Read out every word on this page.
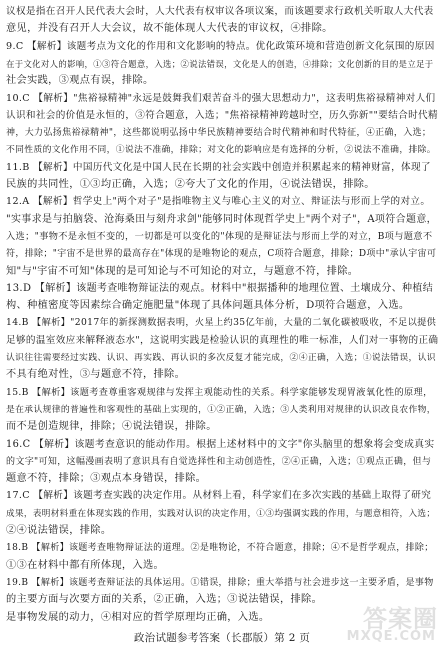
议权是指在召开人民代表大会时，人大代表有权审议各项议案，而该题要求行政机关听取人大代表
意见，并没有召开人大会议，故不能体现人大代表的审议权，④排除。
9.C 【解析】该题考点为文化的作用和文化影响的特点。优化政策环境和营造创新文化氛围的原因
在于文化对人的影响，①③符合题意，入选；②说法错误，文化是人的创造，④排除；文化创新的目的是立足于
社会实践，③观点有误，排除。
10.C 【解析】"焦裕禄精神"永远是鼓舞我们艰苦奋斗的强大思想动力"，这表明焦裕禄精神对人们
认识和社会的价值是永恒的，③符合题意，入选；"焦裕禄精神跨越时空，历久弥新""要结合时代精
神，大力弘扬焦裕禄精神"，这些都说明弘扬中华民族精神要结合时代精神和时代特征，④正确，入选；
不同性质的文化作用不同，①说法不准确，排除；对文化的影响应是有选择的分析，②说法不准确，排除。
11.B 【解析】中国历代文化是中国人民在长期的社会实践中创造并积累起来的精神财富，体现了
民族的共同性，①③均正确，入选；②夸大了文化的作用，④说法错误，排除。
12.A 【解析】哲学史上"两个对子"是指唯物主义与唯心主义的对立、辩证法与形而上学的对立。
"实事求是与拍脑袋、沧海桑田与刻舟求剑"能够同时体现哲学史上"两个对子"，A项符合题意，
入选；"事物不是永恒不变的，一切都是可以变化的"体现的是辩证法与形而上学的对立，B项与题意不
符，排除；"宇宙不是世界的最高存在"体现的是唯物论的观点，C项符合题意，排除；D项中"承认宇宙可
知"与"宇宙不可知"体现的是可知论与不可知论的对立，与题意不符，排除。
13.D 【解析】该题考查唯物辩证法的观点。材料中"根据播种的地理位置、土壤成分、种植结
构、种植密度等因素综合确定施肥量"体现了具体问题具体分析，D项符合题意，入选。
14.B 【解析】"2017年的新探测数据表明，火星上约35亿年前，大量的二氧化碳被吸收，不足以提供
足够的温室效应来解释液态水"，这说明实践是检验认识的真理性的唯一标准，人们对一事物的正确
认识往往需要经过实践、认识、再实践、再认识的多次反复才能完成，②④正确，入选；①说法错误，认识
不具有绝对性，③与题意不符，排除。
15.B 【解析】该题考查尊重客观规律与发挥主观能动性的关系。科学家能够发现胃液氧化性的原理，
是在承认规律的普遍性和客观性的基础上实现的，①②正确，入选；③人类利用对规律的认识改良农作物，
而不是创造规律，排除；④说法错误，排除。
16.C 【解析】该题考查意识的能动作用。根据上述材料中的文字"你头脑里的想象将会变成真实
的文字"可知，这幅漫画表明了意识具有自觉选择性和主动创造性，②④正确，入选；①观点正确，但与
题意不符，排除；③观点本身错误，排除。
17.C 【解析】该题考查实践的决定作用。从材料上看，科学家们在多次实践的基础上取得了研究
成果，表明材料重在体现实践的作用，实践对认识的决定作用，①③均强调实践的作用，与题意相符，入选；
②④说法错误，排除。
18.B 【解析】该题考查唯物辩证法的道理。②是唯物论，不符合题意，排除；④不是哲学观点，排除；
①③在材料中都有所体现，入选。
19.B 【解析】该题考查辩证法的具体运用。①错误，排除；重大举措与社会进步这一主要矛盾，是事物
的主要方面与次要方面的关系，②正确，入选；③说法错误，排除。
是事物发展的动力，④相对应的哲学原理均正确，入选。
政治试题参考答案（长郡版）第 2 页
答案圈
MXQE.COM
